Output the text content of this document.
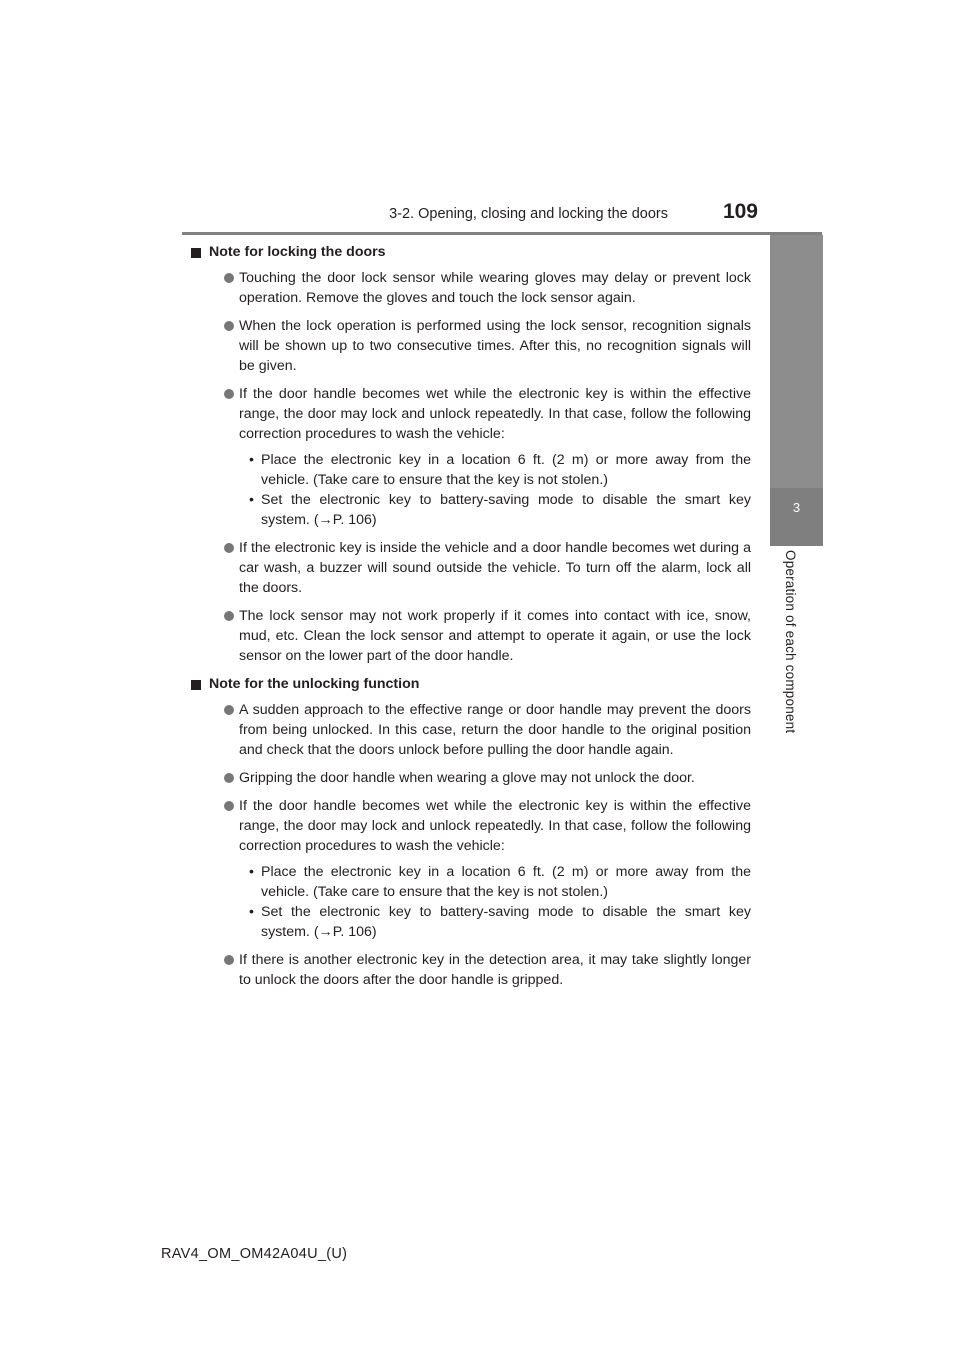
3-2. Opening, closing and locking the doors	109
3
Operation of each component
Note for locking the doors
Touching the door lock sensor while wearing gloves may delay or prevent lock operation. Remove the gloves and touch the lock sensor again.
When the lock operation is performed using the lock sensor, recognition signals will be shown up to two consecutive times. After this, no recognition signals will be given.
If the door handle becomes wet while the electronic key is within the effective range, the door may lock and unlock repeatedly. In that case, follow the following correction procedures to wash the vehicle:
• Place the electronic key in a location 6 ft. (2 m) or more away from the vehicle. (Take care to ensure that the key is not stolen.)
• Set the electronic key to battery-saving mode to disable the smart key system. (→P. 106)
If the electronic key is inside the vehicle and a door handle becomes wet during a car wash, a buzzer will sound outside the vehicle. To turn off the alarm, lock all the doors.
The lock sensor may not work properly if it comes into contact with ice, snow, mud, etc. Clean the lock sensor and attempt to operate it again, or use the lock sensor on the lower part of the door handle.
Note for the unlocking function
A sudden approach to the effective range or door handle may prevent the doors from being unlocked. In this case, return the door handle to the original position and check that the doors unlock before pulling the door handle again.
Gripping the door handle when wearing a glove may not unlock the door.
If the door handle becomes wet while the electronic key is within the effective range, the door may lock and unlock repeatedly. In that case, follow the following correction procedures to wash the vehicle:
• Place the electronic key in a location 6 ft. (2 m) or more away from the vehicle. (Take care to ensure that the key is not stolen.)
• Set the electronic key to battery-saving mode to disable the smart key system. (→P. 106)
If there is another electronic key in the detection area, it may take slightly longer to unlock the doors after the door handle is gripped.
RAV4_OM_OM42A04U_(U)
